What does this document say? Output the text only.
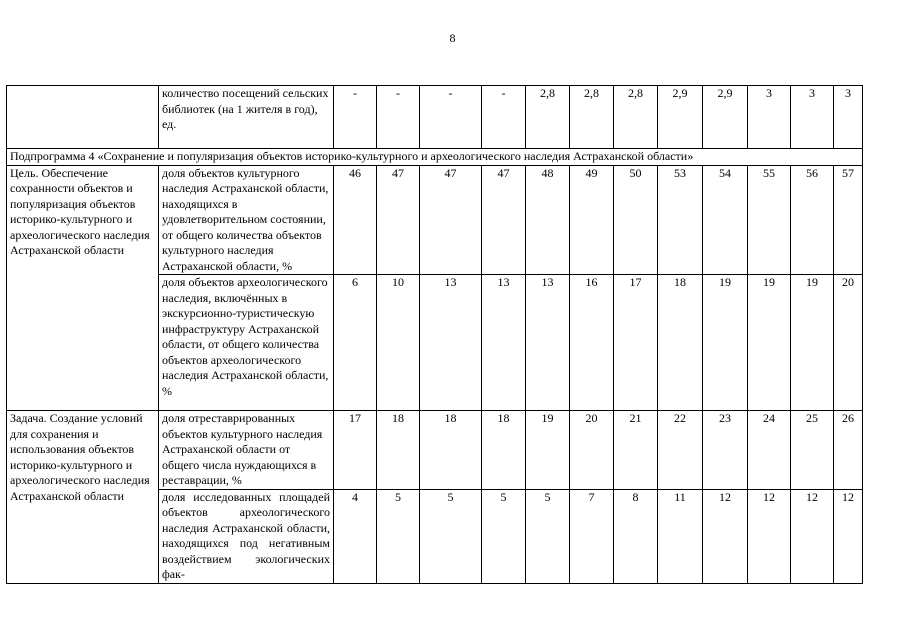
8
	количество посещений сельских библиотек (на 1 жителя в год), ед.	-	-	-	-	2,8	2,8	2,8	2,9	2,9	3	3	3
Подпрограмма 4 «Сохранение и популяризация объектов историко-культурного и археологического наследия Астраханской области»													
Цель. Обеспечение сохранности объектов и популяризация объектов историко-культурного и археологического наследия Астраханской области	доля объектов культурного наследия Астраханской области, находящихся в удовлетворительном состоянии, от общего количества объектов культурного наследия Астраханской области, %	46	47	47	47	48	49	50	53	54	55	56	57
	доля объектов археологического наследия, включённых в экскурсионно-туристическую инфраструктуру Астраханской области, от общего количества объектов археологического наследия Астраханской области, %	6	10	13	13	13	16	17	18	19	19	19	20
Задача. Создание условий для сохранения и использования объектов историко-культурного и археологического наследия Астраханской области	доля отреставрированных объектов культурного наследия Астраханской области от общего числа нуждающихся в реставрации, %	17	18	18	18	19	20	21	22	23	24	25	26
	доля исследованных площадей объектов археологического наследия Астраханской области, находящихся под негативным воздействием экологических фак-	4	5	5	5	5	7	8	11	12	12	12	12
